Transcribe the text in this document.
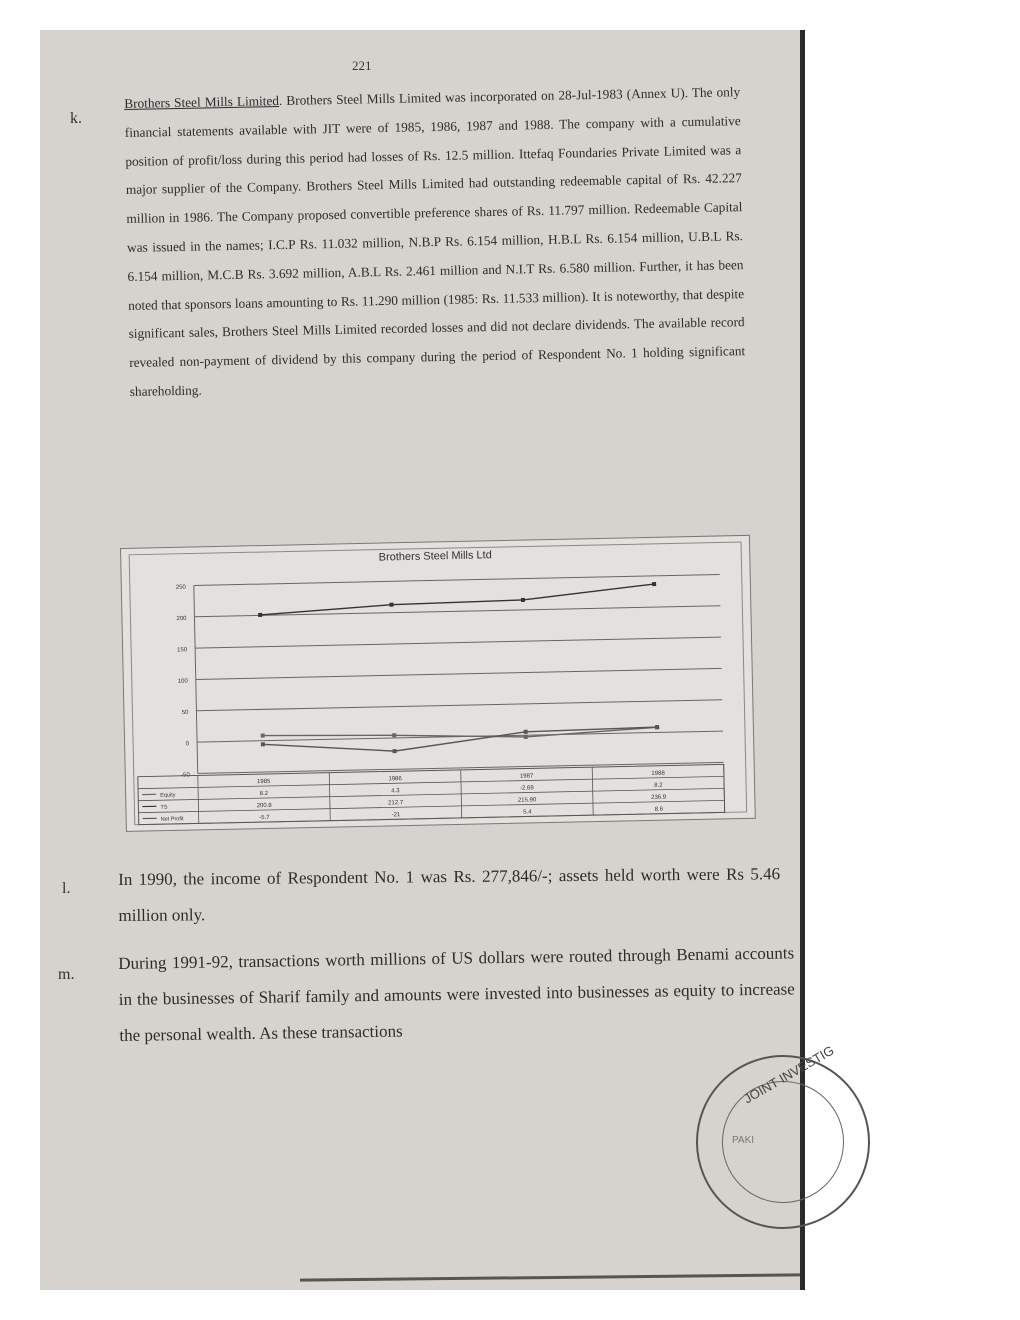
221
k.
Brothers Steel Mills Limited. Brothers Steel Mills Limited was incorporated on 28-Jul-1983 (Annex U). The only financial statements available with JIT were of 1985, 1986, 1987 and 1988. The company with a cumulative position of profit/loss during this period had losses of Rs. 12.5 million. Ittefaq Foundaries Private Limited was a major supplier of the Company. Brothers Steel Mills Limited had outstanding redeemable capital of Rs. 42.227 million in 1986. The Company proposed convertible preference shares of Rs. 11.797 million. Redeemable Capital was issued in the names; I.C.P Rs. 11.032 million, N.B.P Rs. 6.154 million, H.B.L Rs. 6.154 million, U.B.L Rs. 6.154 million, M.C.B Rs. 3.692 million, A.B.L Rs. 2.461 million and N.I.T Rs. 6.580 million. Further, it has been noted that sponsors loans amounting to Rs. 11.290 million (1985: Rs. 11.533 million). It is noteworthy, that despite significant sales, Brothers Steel Mills Limited recorded losses and did not declare dividends. The available record revealed non-payment of dividend by this company during the period of Respondent No. 1 holding significant shareholding.
-50
0
50
100
150
200
250
1985	1986	1987	1988
Equity	8.2	4.3	-2.69	8.2
TS	200.8	212.7	215.90	236.9
Net Profit	-5.7	-21	5.4	8.6
Brothers Steel Mills Ltd
l.	In 1990, the income of Respondent No. 1 was Rs. 277,846/-; assets held worth were Rs 5.46 million only.
m.
During 1991-92, transactions worth millions of US dollars were routed through Benami accounts in the businesses of Sharif family and amounts were invested into businesses as equity to increase the personal wealth. As these transactions
JOINT INVESTIG
PAKI
